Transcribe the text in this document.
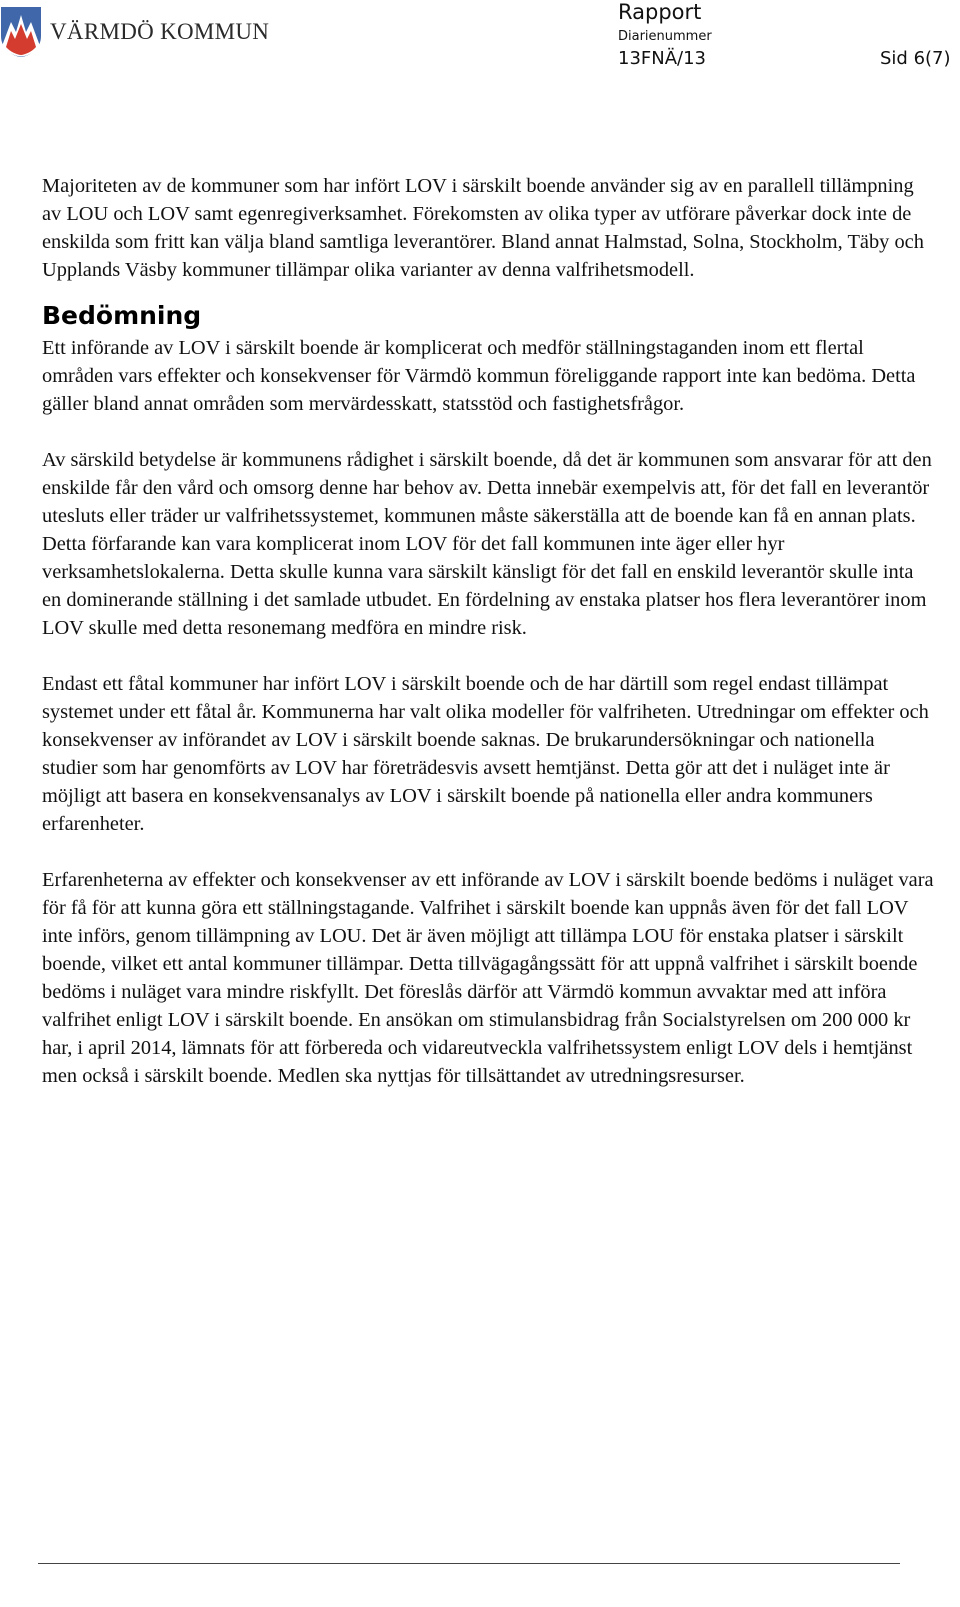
VÄRMDÖ KOMMUN
Rapport
Diarienummer
13FNÄ/13	Sid 6(7)

Majoriteten av de kommuner som har infört LOV i särskilt boende använder sig av en parallell tillämpning av LOU och LOV samt egenregiverksamhet. Förekomsten av olika typer av utförare påverkar dock inte de enskilda som fritt kan välja bland samtliga leverantörer. Bland annat Halmstad, Solna, Stockholm, Täby och Upplands Väsby kommuner tillämpar olika varianter av denna valfrihetsmodell.

Bedömning

Ett införande av LOV i särskilt boende är komplicerat och medför ställningstaganden inom ett flertal områden vars effekter och konsekvenser för Värmdö kommun föreliggande rapport inte kan bedöma. Detta gäller bland annat områden som mervärdesskatt, statsstöd och fastighetsfrågor.

Av särskild betydelse är kommunens rådighet i särskilt boende, då det är kommunen som ansvarar för att den enskilde får den vård och omsorg denne har behov av. Detta innebär exempelvis att, för det fall en leverantör utesluts eller träder ur valfrihetssystemet, kommunen måste säkerställa att de boende kan få en annan plats. Detta förfarande kan vara komplicerat inom LOV för det fall kommunen inte äger eller hyr verksamhetslokalerna. Detta skulle kunna vara särskilt känsligt för det fall en enskild leverantör skulle inta en dominerande ställning i det samlade utbudet. En fördelning av enstaka platser hos flera leverantörer inom LOV skulle med detta resonemang medföra en mindre risk.

Endast ett fåtal kommuner har infört LOV i särskilt boende och de har därtill som regel endast tillämpat systemet under ett fåtal år. Kommunerna har valt olika modeller för valfriheten. Utredningar om effekter och konsekvenser av införandet av LOV i särskilt boende saknas. De brukarundersökningar och nationella studier som har genomförts av LOV har företrädesvis avsett hemtjänst. Detta gör att det i nuläget inte är möjligt att basera en konsekvensanalys av LOV i särskilt boende på nationella eller andra kommuners erfarenheter.

Erfarenheterna av effekter och konsekvenser av ett införande av LOV i särskilt boende bedöms i nuläget vara för få för att kunna göra ett ställningstagande. Valfrihet i särskilt boende kan uppnås även för det fall LOV inte införs, genom tillämpning av LOU. Det är även möjligt att tillämpa LOU för enstaka platser i särskilt boende, vilket ett antal kommuner tillämpar. Detta tillvägagångssätt för att uppnå valfrihet i särskilt boende bedöms i nuläget vara mindre riskfyllt. Det föreslås därför att Värmdö kommun avvaktar med att införa valfrihet enligt LOV i särskilt boende. En ansökan om stimulansbidrag från Socialstyrelsen om 200 000 kr har, i april 2014, lämnats för att förbereda och vidareutveckla valfrihetssystem enligt LOV dels i hemtjänst men också i särskilt boende. Medlen ska nyttjas för tillsättandet av utredningsresurser.
